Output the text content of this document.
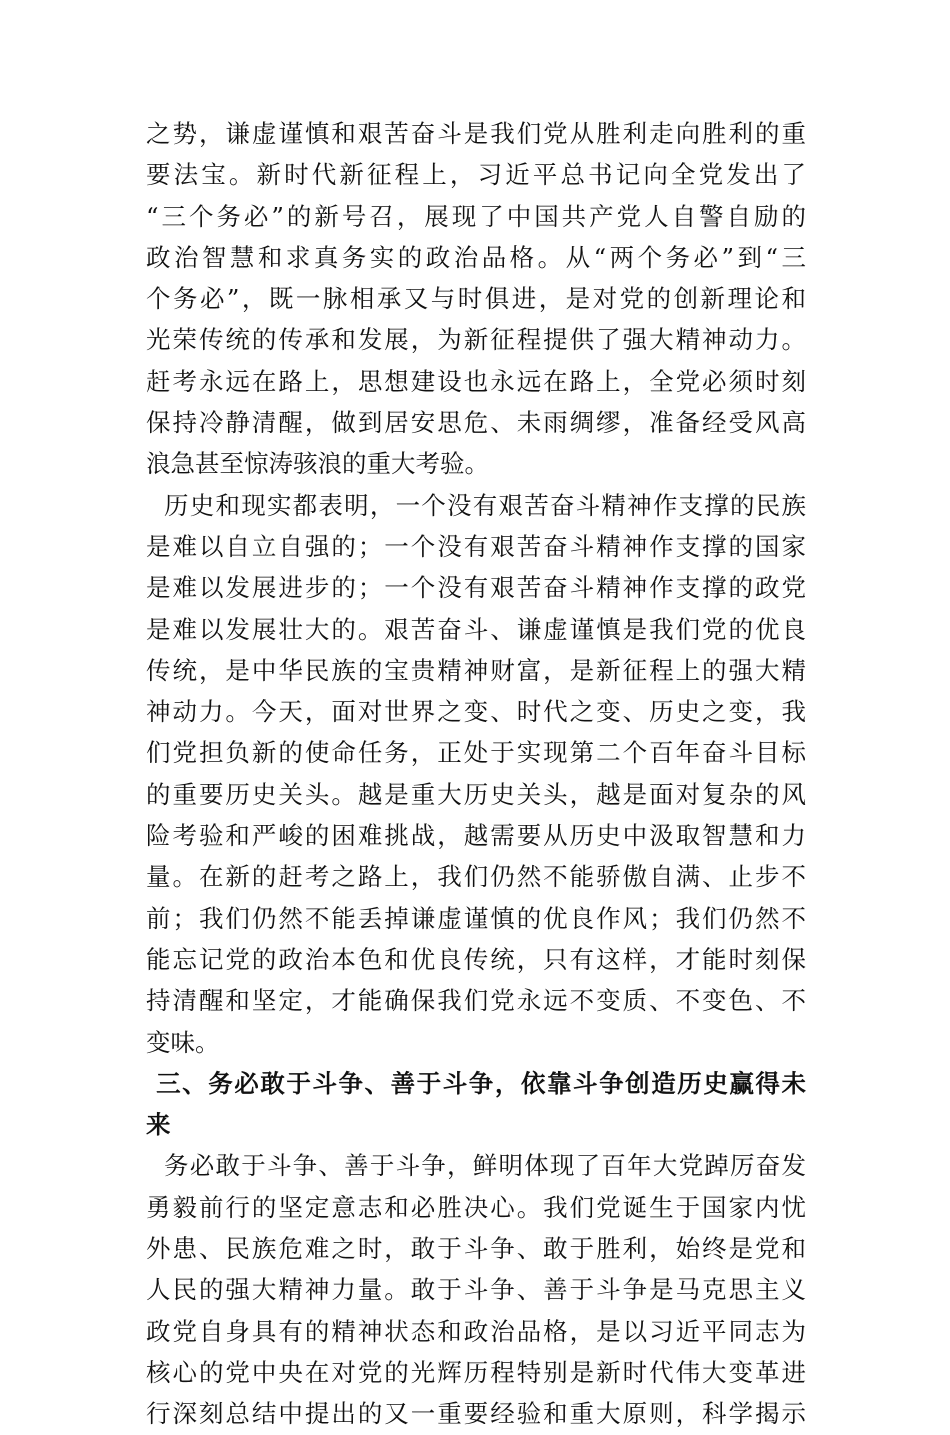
之势，谦虚谨慎和艰苦奋斗是我们党从胜利走向胜利的重
要法宝。新时代新征程上，习近平总书记向全党发出了
“三个务必”的新号召，展现了中国共产党人自警自励的
政治智慧和求真务实的政治品格。从“两个务必”到“三
个务必”，既一脉相承又与时俱进，是对党的创新理论和
光荣传统的传承和发展，为新征程提供了强大精神动力。
赶考永远在路上，思想建设也永远在路上，全党必须时刻
保持冷静清醒，做到居安思危、未雨绸缪，准备经受风高
浪急甚至惊涛骇浪的重大考验。
历史和现实都表明，一个没有艰苦奋斗精神作支撑的民族
是难以自立自强的；一个没有艰苦奋斗精神作支撑的国家
是难以发展进步的；一个没有艰苦奋斗精神作支撑的政党
是难以发展壮大的。艰苦奋斗、谦虚谨慎是我们党的优良
传统，是中华民族的宝贵精神财富，是新征程上的强大精
神动力。今天，面对世界之变、时代之变、历史之变，我
们党担负新的使命任务，正处于实现第二个百年奋斗目标
的重要历史关头。越是重大历史关头，越是面对复杂的风
险考验和严峻的困难挑战，越需要从历史中汲取智慧和力
量。在新的赶考之路上，我们仍然不能骄傲自满、止步不
前；我们仍然不能丢掉谦虚谨慎的优良作风；我们仍然不
能忘记党的政治本色和优良传统，只有这样，才能时刻保
持清醒和坚定，才能确保我们党永远不变质、不变色、不
变味。
三、务必敢于斗争、善于斗争，依靠斗争创造历史赢得未
来
务必敢于斗争、善于斗争，鲜明体现了百年大党踔厉奋发
勇毅前行的坚定意志和必胜决心。我们党诞生于国家内忧
外患、民族危难之时，敢于斗争、敢于胜利，始终是党和
人民的强大精神力量。敢于斗争、善于斗争是马克思主义
政党自身具有的精神状态和政治品格，是以习近平同志为
核心的党中央在对党的光辉历程特别是新时代伟大变革进
行深刻总结中提出的又一重要经验和重大原则，科学揭示
